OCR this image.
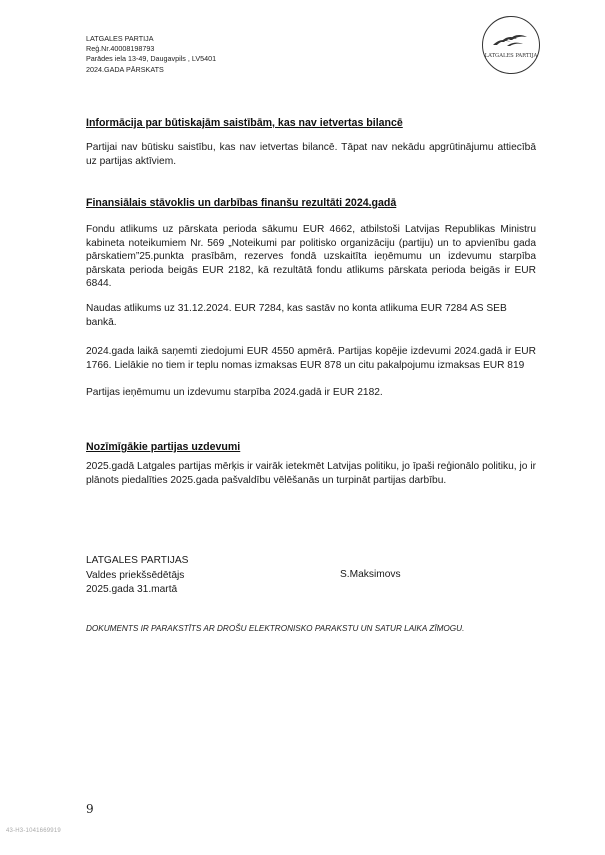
LATGALES PARTIJA
Reģ.Nr.40008198793
Parādes iela 13-49, Daugavpils , LV5401
2024.GADA PĀRSKATS
LATGALES PARTIJA
Informācija par būtiskajām saistībām, kas nav ietvertas bilancē

Partijai nav būtisku saistību, kas nav ietvertas bilancē. Tāpat nav nekādu apgrūtinājumu attiecībā uz partijas aktīviem.

Finansiālais stāvoklis un darbības finanšu rezultāti 2024.gadā

Fondu atlikums uz pārskata perioda sākumu EUR 4662, atbilstoši Latvijas Republikas Ministru kabineta noteikumiem Nr. 569 „Noteikumi par politisko organizāciju (partiju) un to apvienību gada pārskatiem”25.punkta prasībām, rezerves fondā uzskaitīta ieņēmumu un izdevumu starpība pārskata perioda beigās EUR 2182, kā rezultātā fondu atlikums pārskata perioda beigās ir EUR 6844.

Naudas atlikums uz 31.12.2024. EUR 7284, kas sastāv no konta atlikuma EUR 7284 AS SEB bankā.

2024.gada laikā saņemti ziedojumi EUR 4550 apmērā. Partijas kopējie izdevumi 2024.gadā ir EUR 1766. Lielākie no tiem ir teplu nomas izmaksas EUR 878 un citu pakalpojumu izmaksas EUR 819

Partijas ieņēmumu un izdevumu starpība 2024.gadā ir EUR 2182.

Nozīmīgākie partijas uzdevumi

2025.gadā Latgales partijas mērķis ir vairāk ietekmēt Latvijas politiku, jo īpaši reģionālo politiku, jo ir plānots piedalīties 2025.gada pašvaldību vēlēšanās un turpināt partijas darbību.

LATGALES PARTIJAS
Valdes priekšsēdētājs
2025.gada 31.martā
S.Maksimovs
DOKUMENTS IR PARAKSTĪTS AR DROŠU ELEKTRONISKO PARAKSTU UN SATUR LAIKA ZĪMOGU.
9
43-H3-1041669919
